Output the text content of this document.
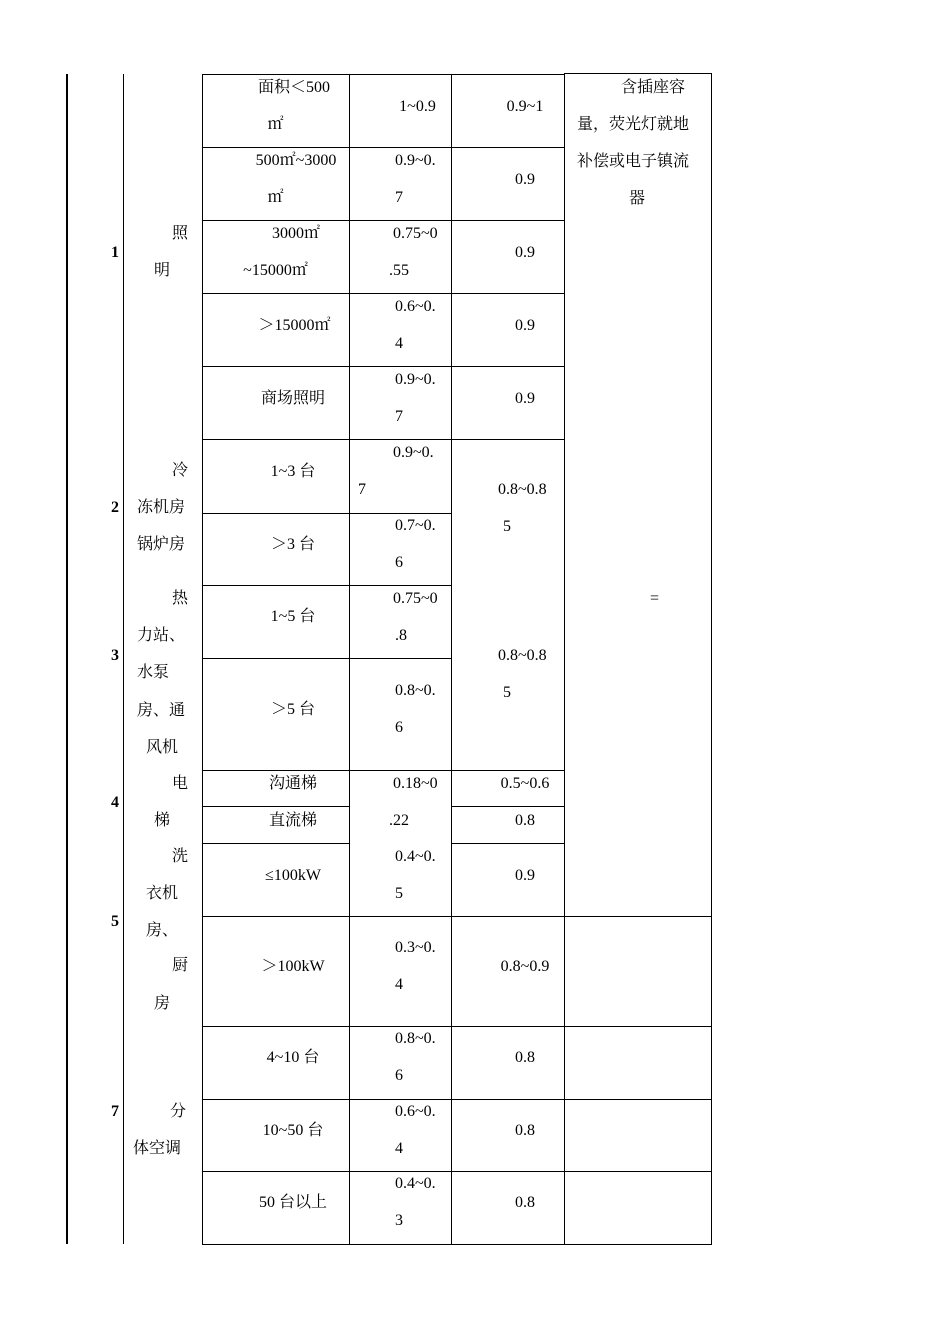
1
2
3
4
5
7
照
明
冷
冻机房
锅炉房
热
力站、
水泵
房、通
风机
电
梯
洗
衣机
房、
厨
房
分
体空调
面积＜500
㎡
500㎡~3000
㎡
3000㎡
~15000㎡
＞15000㎡
商场照明
1~3 台
＞3 台
1~5 台
＞5 台
沟通梯
直流梯
≤100kW
＞100kW
4~10 台
10~50 台
50 台以上
1~0.9
0.9~0.
7
0.75~0
.55
0.6~0.
4
0.9~0.
7
0.9~0.
7
0.7~0.
6
0.75~0
.8
0.8~0.
6
0.18~0
.22
0.4~0.
5
0.3~0.
4
0.8~0.
6
0.6~0.
4
0.4~0.
3
0.9~1
0.9
0.9
0.9
0.9
0.8~0.8
5
0.8~0.8
5
0.5~0.6
0.8
0.9
0.8~0.9
0.8
0.8
0.8
含插座容
量，荧光灯就地
补偿或电子镇流
器
=
